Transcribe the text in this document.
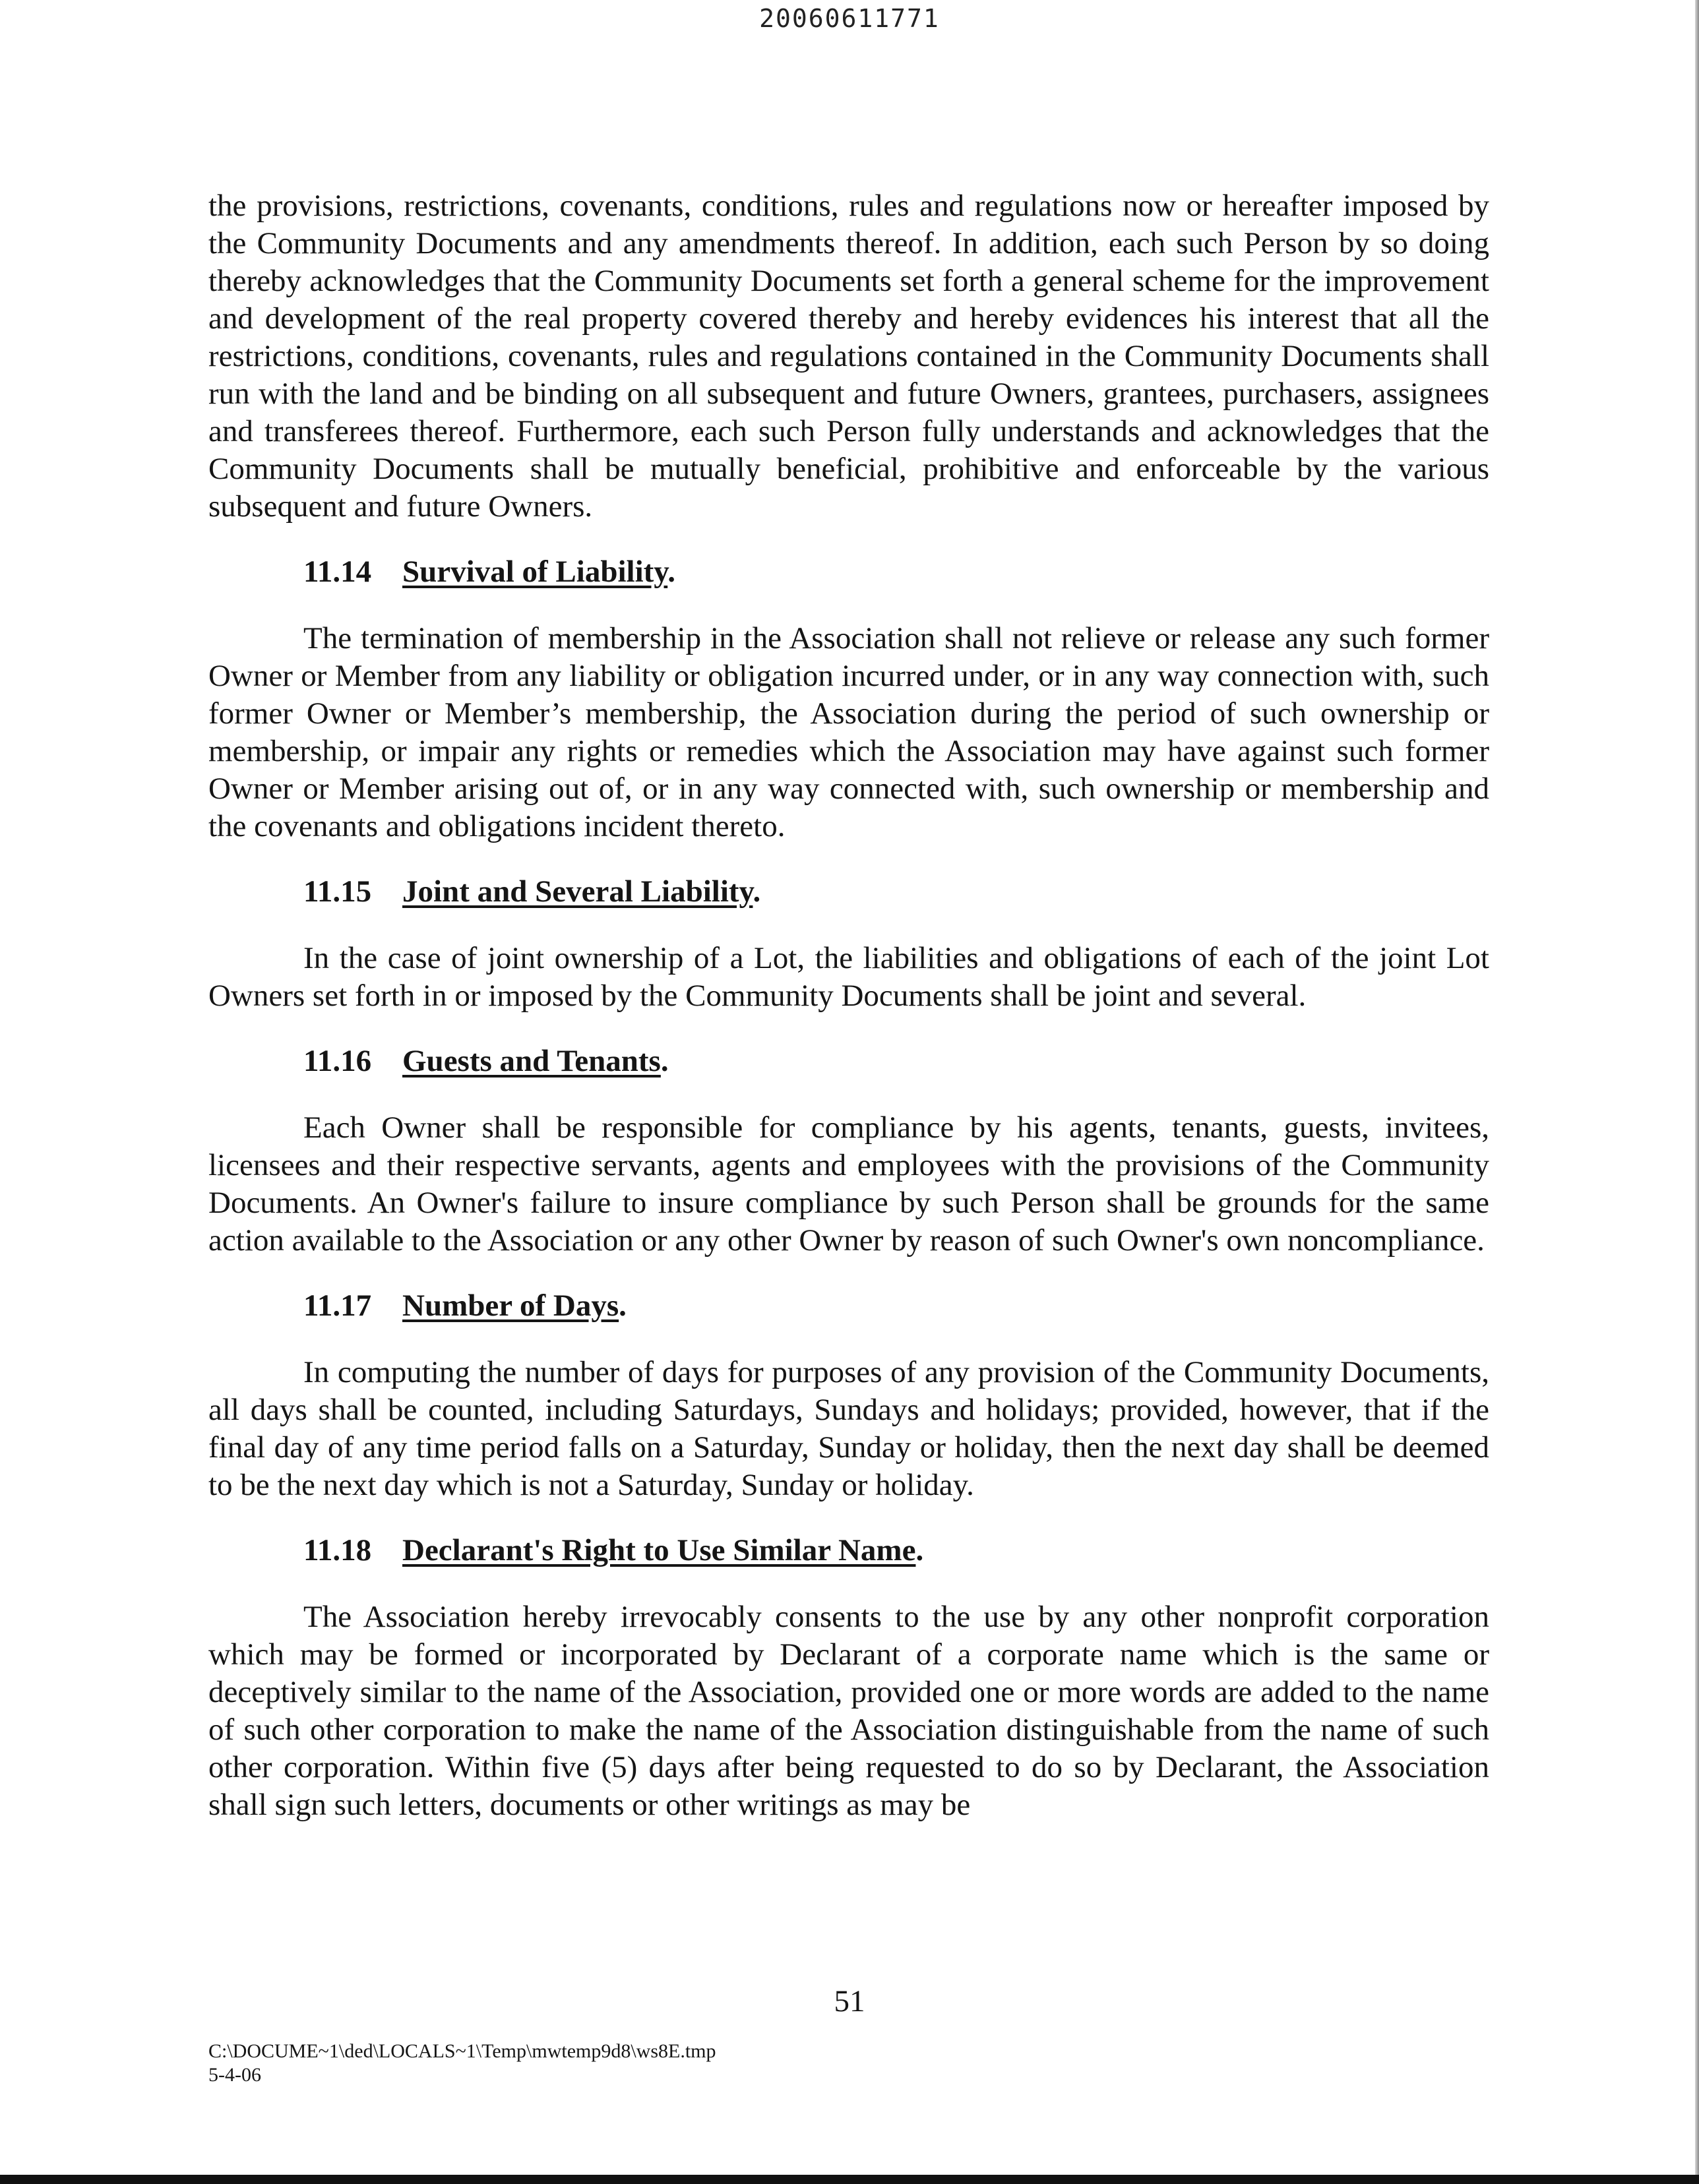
20060611771

the provisions, restrictions, covenants, conditions, rules and regulations now or hereafter imposed by the Community Documents and any amendments thereof. In addition, each such Person by so doing thereby acknowledges that the Community Documents set forth a general scheme for the improvement and development of the real property covered thereby and hereby evidences his interest that all the restrictions, conditions, covenants, rules and regulations contained in the Community Documents shall run with the land and be binding on all subsequent and future Owners, grantees, purchasers, assignees and transferees thereof. Furthermore, each such Person fully understands and acknowledges that the Community Documents shall be mutually beneficial, prohibitive and enforceable by the various subsequent and future Owners.

11.14 Survival of Liability.

The termination of membership in the Association shall not relieve or release any such former Owner or Member from any liability or obligation incurred under, or in any way connection with, such former Owner or Member’s membership, the Association during the period of such ownership or membership, or impair any rights or remedies which the Association may have against such former Owner or Member arising out of, or in any way connected with, such ownership or membership and the covenants and obligations incident thereto.

11.15 Joint and Several Liability.

In the case of joint ownership of a Lot, the liabilities and obligations of each of the joint Lot Owners set forth in or imposed by the Community Documents shall be joint and several.

11.16 Guests and Tenants.

Each Owner shall be responsible for compliance by his agents, tenants, guests, invitees, licensees and their respective servants, agents and employees with the provisions of the Community Documents. An Owner's failure to insure compliance by such Person shall be grounds for the same action available to the Association or any other Owner by reason of such Owner's own noncompliance.

11.17 Number of Days.

In computing the number of days for purposes of any provision of the Community Documents, all days shall be counted, including Saturdays, Sundays and holidays; provided, however, that if the final day of any time period falls on a Saturday, Sunday or holiday, then the next day shall be deemed to be the next day which is not a Saturday, Sunday or holiday.

11.18 Declarant's Right to Use Similar Name.

The Association hereby irrevocably consents to the use by any other nonprofit corporation which may be formed or incorporated by Declarant of a corporate name which is the same or deceptively similar to the name of the Association, provided one or more words are added to the name of such other corporation to make the name of the Association distinguishable from the name of such other corporation. Within five (5) days after being requested to do so by Declarant, the Association shall sign such letters, documents or other writings as may be

51
C:\DOCUME~1\ded\LOCALS~1\Temp\mwtemp9d8\ws8E.tmp
5-4-06
